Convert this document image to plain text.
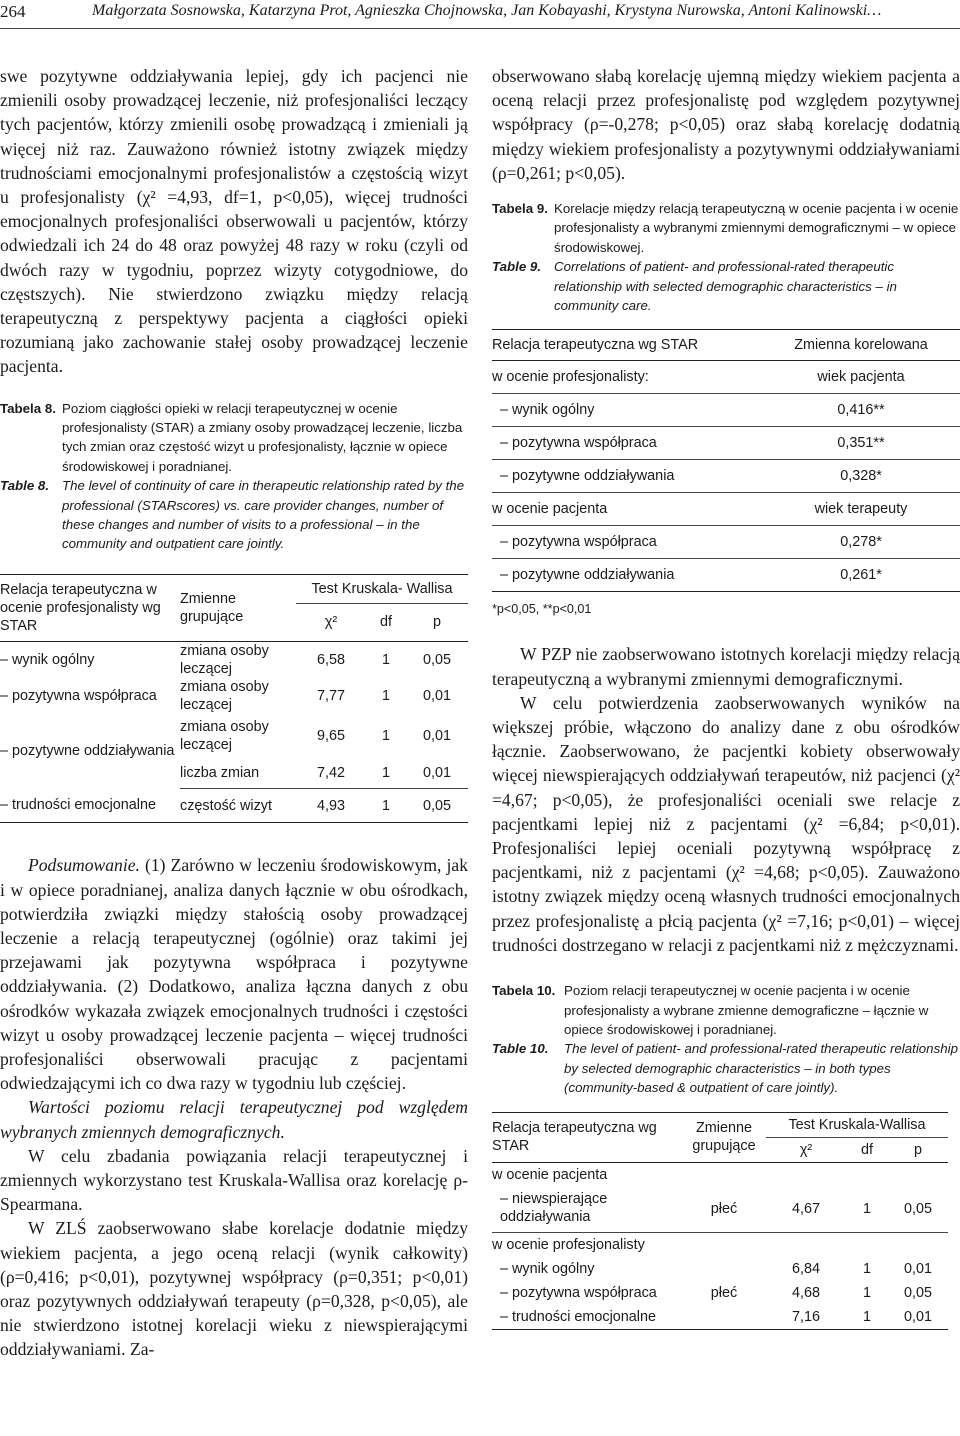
264	Małgorzata Sosnowska, Katarzyna Prot, Agnieszka Chojnowska, Jan Kobayashi, Krystyna Nurowska, Antoni Kalinowski…

swe pozytywne oddziaływania lepiej, gdy ich pacjenci nie zmienili osoby prowadzącej leczenie, niż profesjonaliści leczący tych pacjentów, którzy zmienili osobę prowadzącą i zmieniali ją więcej niż raz. Zauważono również istotny związek między trudnościami emocjonalnymi profesjonalistów a częstością wizyt u profesjonalisty (χ² =4,93, df=1, p<0,05), więcej trudności emocjonalnych profesjonaliści obserwowali u pacjentów, którzy odwiedzali ich 24 do 48 oraz powyżej 48 razy w roku (czyli od dwóch razy w tygodniu, poprzez wizyty cotygodniowe, do częstszych). Nie stwierdzono związku między relacją terapeutyczną z perspektywy pacjenta a ciągłości opieki rozumianą jako zachowanie stałej osoby prowadzącej leczenie pacjenta.

Tabela 8. Poziom ciągłości opieki w relacji terapeutycznej w ocenie profesjonalisty (STAR) a zmiany osoby prowadzącej leczenie, liczba tych zmian oraz częstość wizyt u profesjonalisty, łącznie w opiece środowiskowej i poradnianej.
Table 8. The level of continuity of care in therapeutic relationship rated by the professional (STARscores) vs. care provider changes, number of these changes and number of visits to a professional – in the community and outpatient care jointly.
Relacja terapeutyczna w ocenie profesjonalisty wg STAR	Zmienne grupujące	Test Kruskala- Wallisa		
		χ²	df	p
– wynik ogólny	zmiana osoby leczącej	6,58	1	0,05
– pozytywna współpraca	zmiana osoby leczącej	7,77	1	0,01
– pozytywne oddziaływania	zmiana osoby leczącej	9,65	1	0,01
	liczba zmian	7,42	1	0,01
– trudności emocjonalne	częstość wizyt	4,93	1	0,05

Podsumowanie. (1) Zarówno w leczeniu środowiskowym, jak i w opiece poradnianej, analiza danych łącznie w obu ośrodkach, potwierdziła związki między stałością osoby prowadzącej leczenie a relacją terapeutycznej (ogólnie) oraz takimi jej przejawami jak pozytywna współpraca i pozytywne oddziaływania. (2) Dodatkowo, analiza łączna danych z obu ośrodków wykazała związek emocjonalnych trudności i częstości wizyt u osoby prowadzącej leczenie pacjenta – więcej trudności profesjonaliści obserwowali pracując z pacjentami odwiedzającymi ich co dwa razy w tygodniu lub częściej.

Wartości poziomu relacji terapeutycznej pod względem wybranych zmiennych demograficznych.

W celu zbadania powiązania relacji terapeutycznej i zmiennych wykorzystano test Kruskala-Wallisa oraz korelację ρ-Spearmana.

W ZLŚ zaobserwowano słabe korelacje dodatnie między wiekiem pacjenta, a jego oceną relacji (wynik całkowity) (ρ=0,416; p<0,01), pozytywnej współpracy (ρ=0,351; p<0,01) oraz pozytywnych oddziaływań terapeuty (ρ=0,328, p<0,05), ale nie stwierdzono istotnej korelacji wieku z niewspierającymi oddziaływaniami. Za-

obserwowano słabą korelację ujemną między wiekiem pacjenta a oceną relacji przez profesjonalistę pod względem pozytywnej współpracy (ρ=-0,278; p<0,05) oraz słabą korelację dodatnią między wiekiem profesjonalisty a pozytywnymi oddziaływaniami (ρ=0,261; p<0,05).

Tabela 9. Korelacje między relacją terapeutyczną w ocenie pacjenta i w ocenie profesjonalisty a wybranymi zmiennymi demograficznymi – w opiece środowiskowej.
Table 9. Correlations of patient- and professional-rated therapeutic relationship with selected demographic characteristics – in community care.
Relacja terapeutyczna wg STAR	Zmienna korelowana
w ocenie profesjonalisty:	wiek pacjenta
– wynik ogólny	0,416**
– pozytywna współpraca	0,351**
– pozytywne oddziaływania	0,328*
w ocenie pacjenta	wiek terapeuty
– pozytywna współpraca	0,278*
– pozytywne oddziaływania	0,261*
*p<0,05, **p<0,01

W PZP nie zaobserwowano istotnych korelacji między relacją terapeutyczną a wybranymi zmiennymi demograficznymi.

W celu potwierdzenia zaobserwowanych wyników na większej próbie, włączono do analizy dane z obu ośrodków łącznie. Zaobserwowano, że pacjentki kobiety obserwowały więcej niewspierających oddziaływań terapeutów, niż pacjenci (χ² =4,67; p<0,05), że profesjonaliści oceniali swe relacje z pacjentkami lepiej niż z pacjentami (χ² =6,84; p<0,01). Profesjonaliści lepiej oceniali pozytywną współpracę z pacjentkami, niż z pacjentami (χ² =4,68; p<0,05). Zauważono istotny związek między oceną własnych trudności emocjonalnych przez profesjonalistę a płcią pacjenta (χ² =7,16; p<0,01) – więcej trudności dostrzegano w relacji z pacjentkami niż z mężczyznami.

Tabela 10. Poziom relacji terapeutycznej w ocenie pacjenta i w ocenie profesjonalisty a wybrane zmienne demograficzne – łącznie w opiece środowiskowej i poradnianej.
Table 10.	The level of patient- and professional-rated therapeutic relationship by selected demographic characteristics – in both types (community-based & outpatient of care jointly).
Relacja terapeutyczna wg STAR	Zmienne grupujące	Test Kruskala-Wallisa		
		χ²	df	p
w ocenie pacjenta				
– niewspierające oddziaływania	płeć	4,67	1	0,05
w ocenie profesjonalisty				
– wynik ogólny		6,84	1	0,01
– pozytywna współpraca	płeć	4,68	1	0,05
– trudności emocjonalne		7,16	1	0,01
